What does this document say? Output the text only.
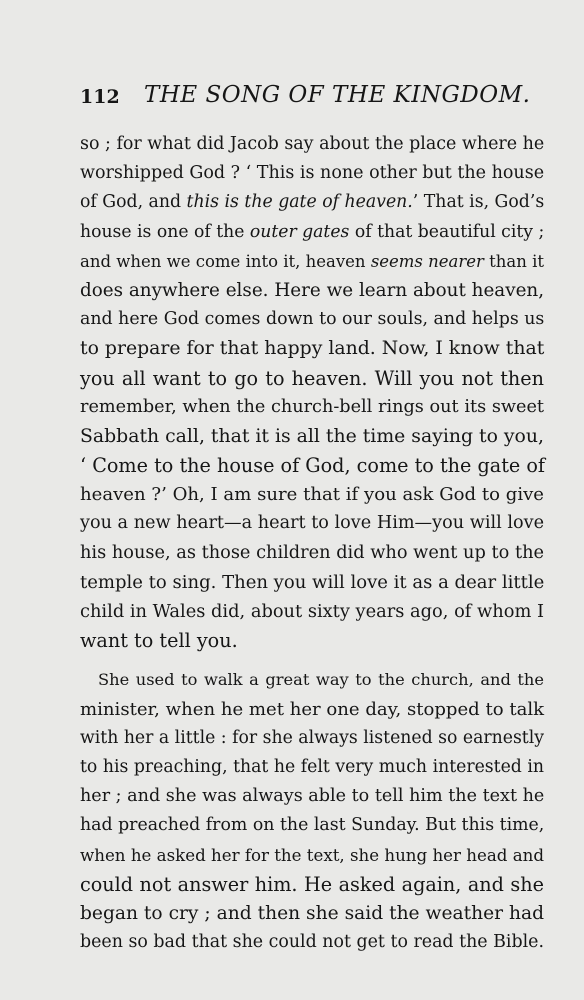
112 THE SONG OF THE KINGDOM.
so ; for what did Jacob say about the place where he
worshipped God ? ‘ This is none other but the house
of God, and this is the gate of heaven.’ That is, God’s
house is one of the outer gates of that beautiful city ;
and when we come into it, heaven seems nearer than it
does anywhere else. Here we learn about heaven,
and here God comes down to our souls, and helps us
to prepare for that happy land. Now, I know that
you all want to go to heaven. Will you not then
remember, when the church-bell rings out its sweet
Sabbath call, that it is all the time saying to you,
‘ Come to the house of God, come to the gate of
heaven ?’ Oh, I am sure that if you ask God to give
you a new heart—a heart to love Him—you will love
his house, as those children did who went up to the
temple to sing. Then you will love it as a dear little
child in Wales did, about sixty years ago, of whom I
want to tell you.
She used to walk a great way to the church, and the
minister, when he met her one day, stopped to talk
with her a little : for she always listened so earnestly
to his preaching, that he felt very much interested in
her ; and she was always able to tell him the text he
had preached from on the last Sunday. But this time,
when he asked her for the text, she hung her head and
could not answer him. He asked again, and she
began to cry ; and then she said the weather had
been so bad that she could not get to read the Bible.
